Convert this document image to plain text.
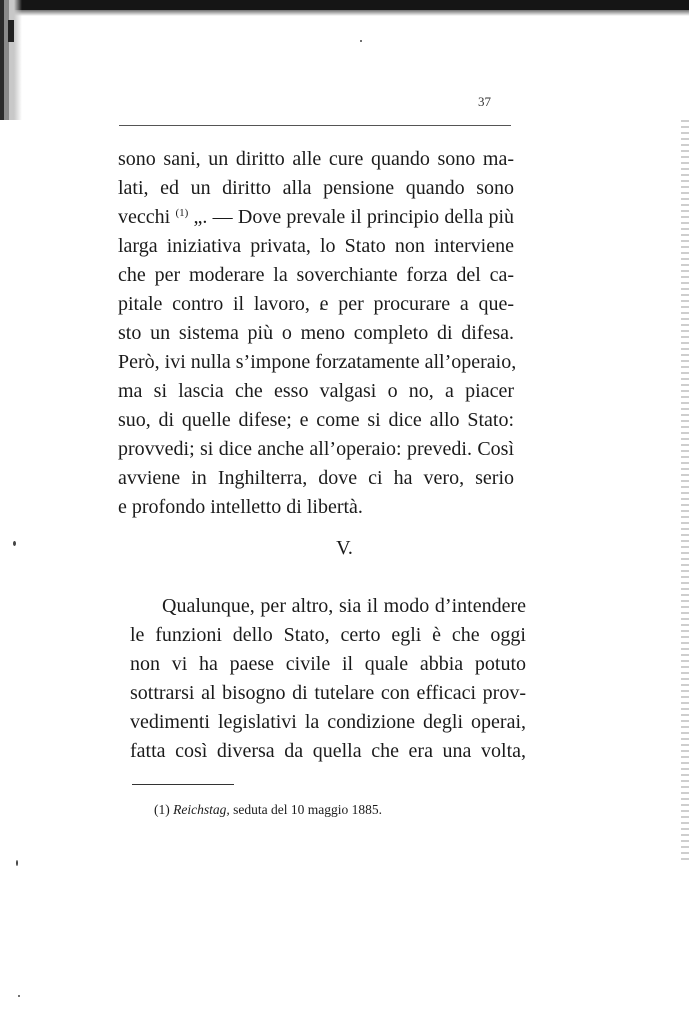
37
sono sani, un diritto alle cure quando sono ma-
lati, ed un diritto alla pensione quando sono
vecchi $^{(1)}$ „. — Dove prevale il principio della più
larga iniziativa privata, lo Stato non interviene
che per moderare la soverchiante forza del ca-
pitale contro il lavoro, e per procurare a que-
sto un sistema più o meno completo di difesa.
Però, ivi nulla s’impone forzatamente all’operaio,
ma si lascia che esso valgasi o no, a piacer
suo, di quelle difese; e come si dice allo Stato:
provvedi; si dice anche all’operaio: prevedi. Così
avviene in Inghilterra, dove ci ha vero, serio
e profondo intelletto di libertà.
V.
Qualunque, per altro, sia il modo d’intendere
le funzioni dello Stato, certo egli è che oggi
non vi ha paese civile il quale abbia potuto
sottrarsi al bisogno di tutelare con efficaci prov-
vedimenti legislativi la condizione degli operai,
fatta così diversa da quella che era una volta,
(1) Reichstag, seduta del 10 maggio 1885.
